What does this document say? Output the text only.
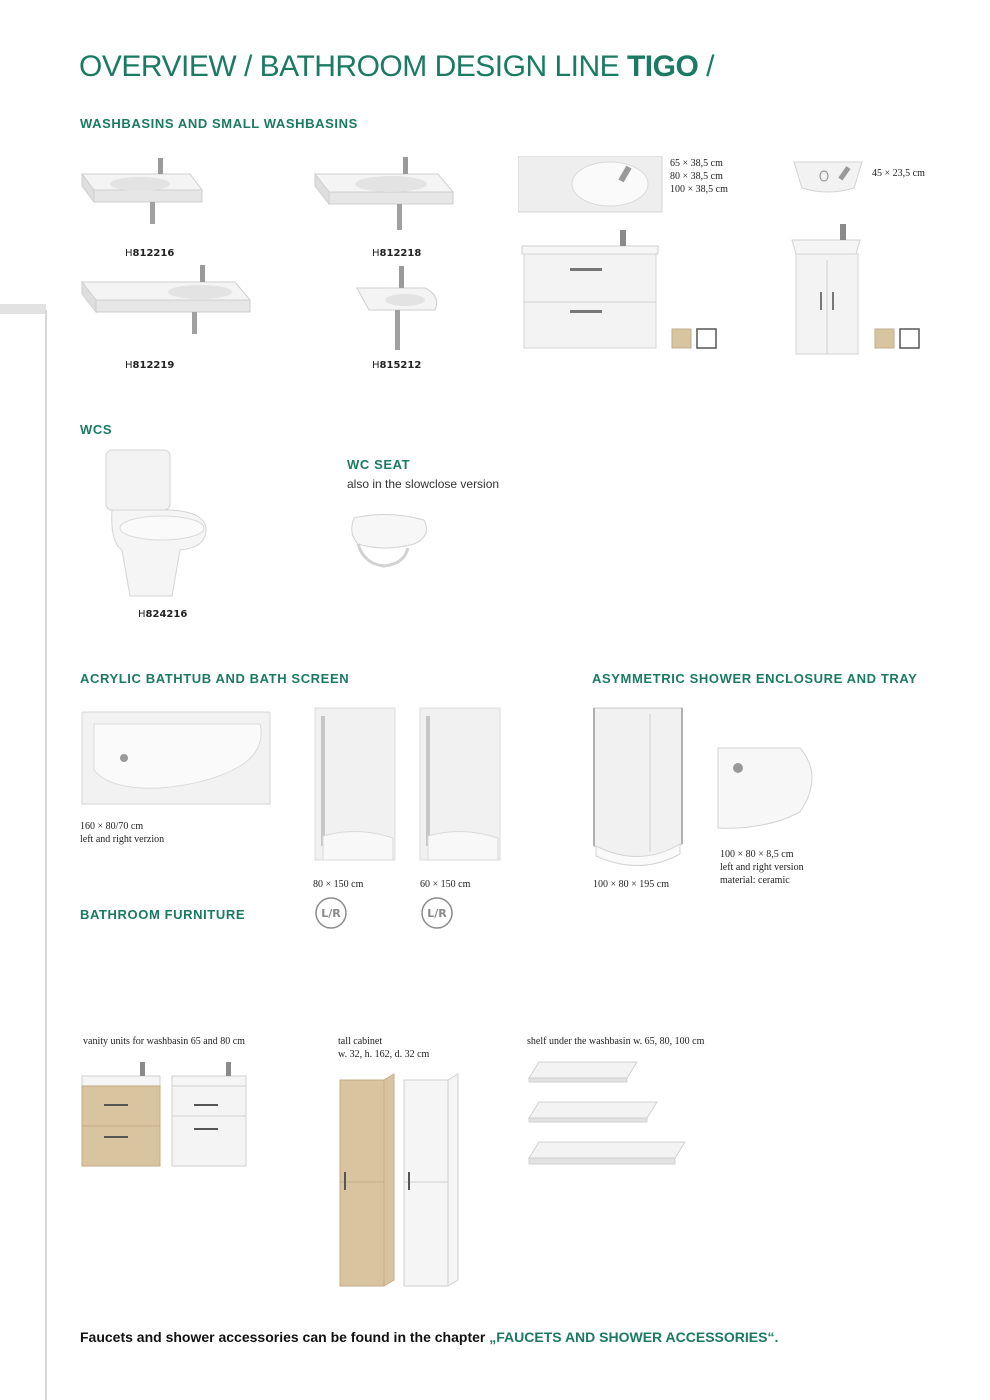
OVERVIEW / BATHROOM DESIGN LINE TIGO /
WASHBASINS AND SMALL WASHBASINS
H812216	H812218
H812219	H815212
65 × 38,5 cm
80 × 38,5 cm
100 × 38,5 cm
45 × 23,5 cm
WCS
H824216
WC SEAT
also in the slowclose version
ACRYLIC BATHTUB AND BATH SCREEN
160 × 80/70 cm
left and right verzion
80 × 150 cm	60 × 150 cm
L/R	L/R
ASYMMETRIC SHOWER ENCLOSURE AND TRAY
100 × 80 × 195 cm
100 × 80 × 8,5 cm
left and right version
material: ceramic
BATHROOM FURNITURE
vanity units for washbasin 65 and 80 cm	tall cabinet
w. 32, h. 162, d. 32 cm
shelf under the washbasin w. 65, 80, 100 cm
Faucets and shower accessories can be found in the chapter „FAUCETS AND SHOWER ACCESSORIES“.
